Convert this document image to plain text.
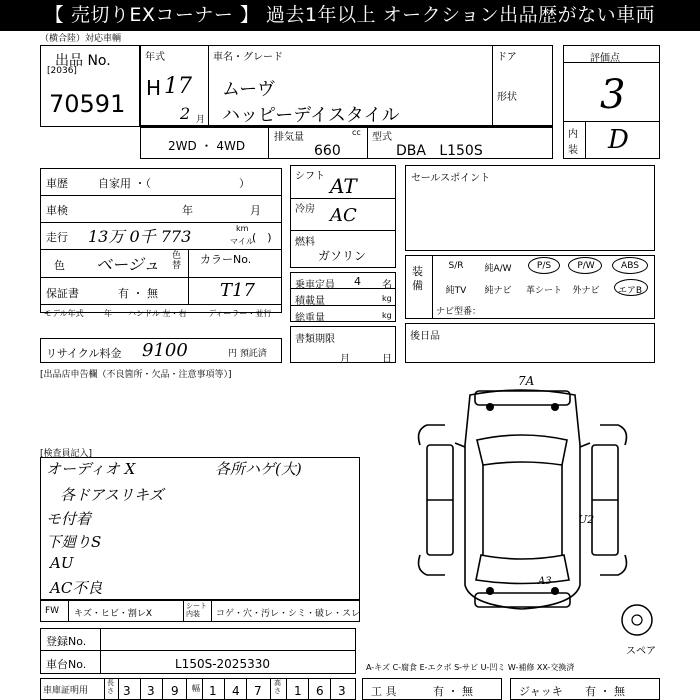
【 売切りEXコーナー 】 過去1年以上 オークション出品歴がない車両
（横合陸）対応車輌
出品 No.
[2036]
70591
年式
H 17
2 月
車名・グレード
ムーヴ
ハッピーデイスタイル
ドア
形状
評価点
3
内
装 D
2WD ・ 4WD
排気量	cc
660
型式
DBA   L150S
車歴	自家用 ・（　　　　　　　　）
車検	年	月
走行 13万 0千 773	km
マイル
(　)
色 ベージュ 色替 カラーNo.
T17
保証書	有 ・ 無
モデル年式	年 ハンドル 左・右	ディーラー・並行
リサイクル料金 9100	円 預託済
シフト AT
冷房 AC
燃料
ガソリン
乗車定員 4 名
積載量	kg
総重量	kg
書類期限
月	日
セールスポイント
装備
S/R	純A/W	P/S	P/W	ABS
純TV	純ナビ	革シート	外ナビ	エアB
ナビ型番：
後日品
[出品店申告欄（不良箇所・欠品・注意事項等）]
[検査員記入]
オーディオ X
各ドアスリキズ
モ付着
下廻りS
AU
AC不良
各所ハゲ(大)
FW キズ・ヒビ・割レX
シート内装	コゲ・穴・汚レ・シミ・破レ・スレ
登録No.
車台No.	L150S-2025330	A-キズ C-腐食 E-エクボ S-サビ U-凹ミ W-補修 XX-交換済
車庫証明用
長さ 3 3 9 幅 1 4 7
高さ 1 6 3 工 具	有 ・ 無	ジャッキ 有 ・ 無
7A
U2
A3
スペア
